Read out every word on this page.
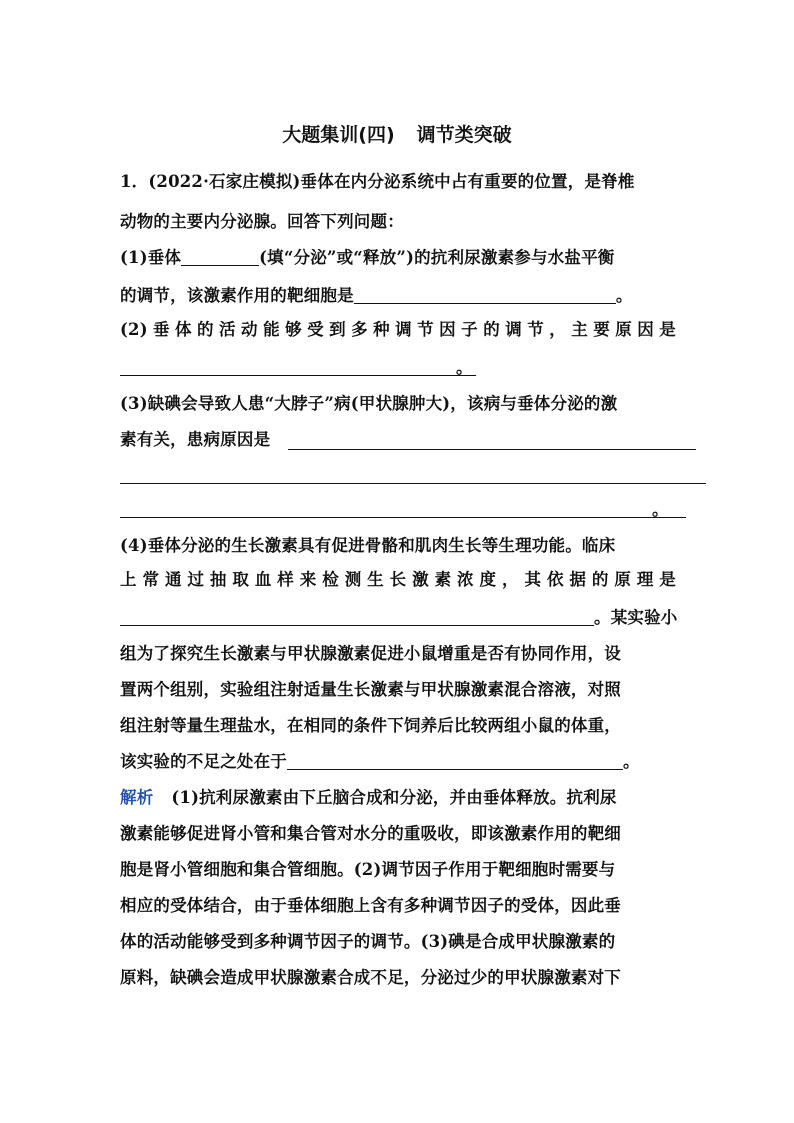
大题集训(四) 调节类突破
1．(2022·石家庄模拟)垂体在内分泌系统中占有重要的位置，是脊椎
动物的主要内分泌腺。回答下列问题：
(1)垂体	(填“分泌”或“释放”)的抗利尿激素参与水盐平衡
的调节，该激素作用的靶细胞是	。
(2)垂体的活动能够受到多种调节因子的调节，主要原因是
。
(3)缺碘会导致人患“大脖子”病(甲状腺肿大)，该病与垂体分泌的激
素有关，患病原因是
。
(4)垂体分泌的生长激素具有促进骨骼和肌肉生长等生理功能。临床
上常通过抽取血样来检测生长激素浓度，其依据的原理是
。某实验小
组为了探究生长激素与甲状腺激素促进小鼠增重是否有协同作用，设
置两个组别，实验组注射适量生长激素与甲状腺激素混合溶液，对照
组注射等量生理盐水，在相同的条件下饲养后比较两组小鼠的体重，
该实验的不足之处在于	。
解析 (1)抗利尿激素由下丘脑合成和分泌，并由垂体释放。抗利尿
激素能够促进肾小管和集合管对水分的重吸收，即该激素作用的靶细
胞是肾小管细胞和集合管细胞。(2)调节因子作用于靶细胞时需要与
相应的受体结合，由于垂体细胞上含有多种调节因子的受体，因此垂
体的活动能够受到多种调节因子的调节。(3)碘是合成甲状腺激素的
原料，缺碘会造成甲状腺激素合成不足，分泌过少的甲状腺激素对下
